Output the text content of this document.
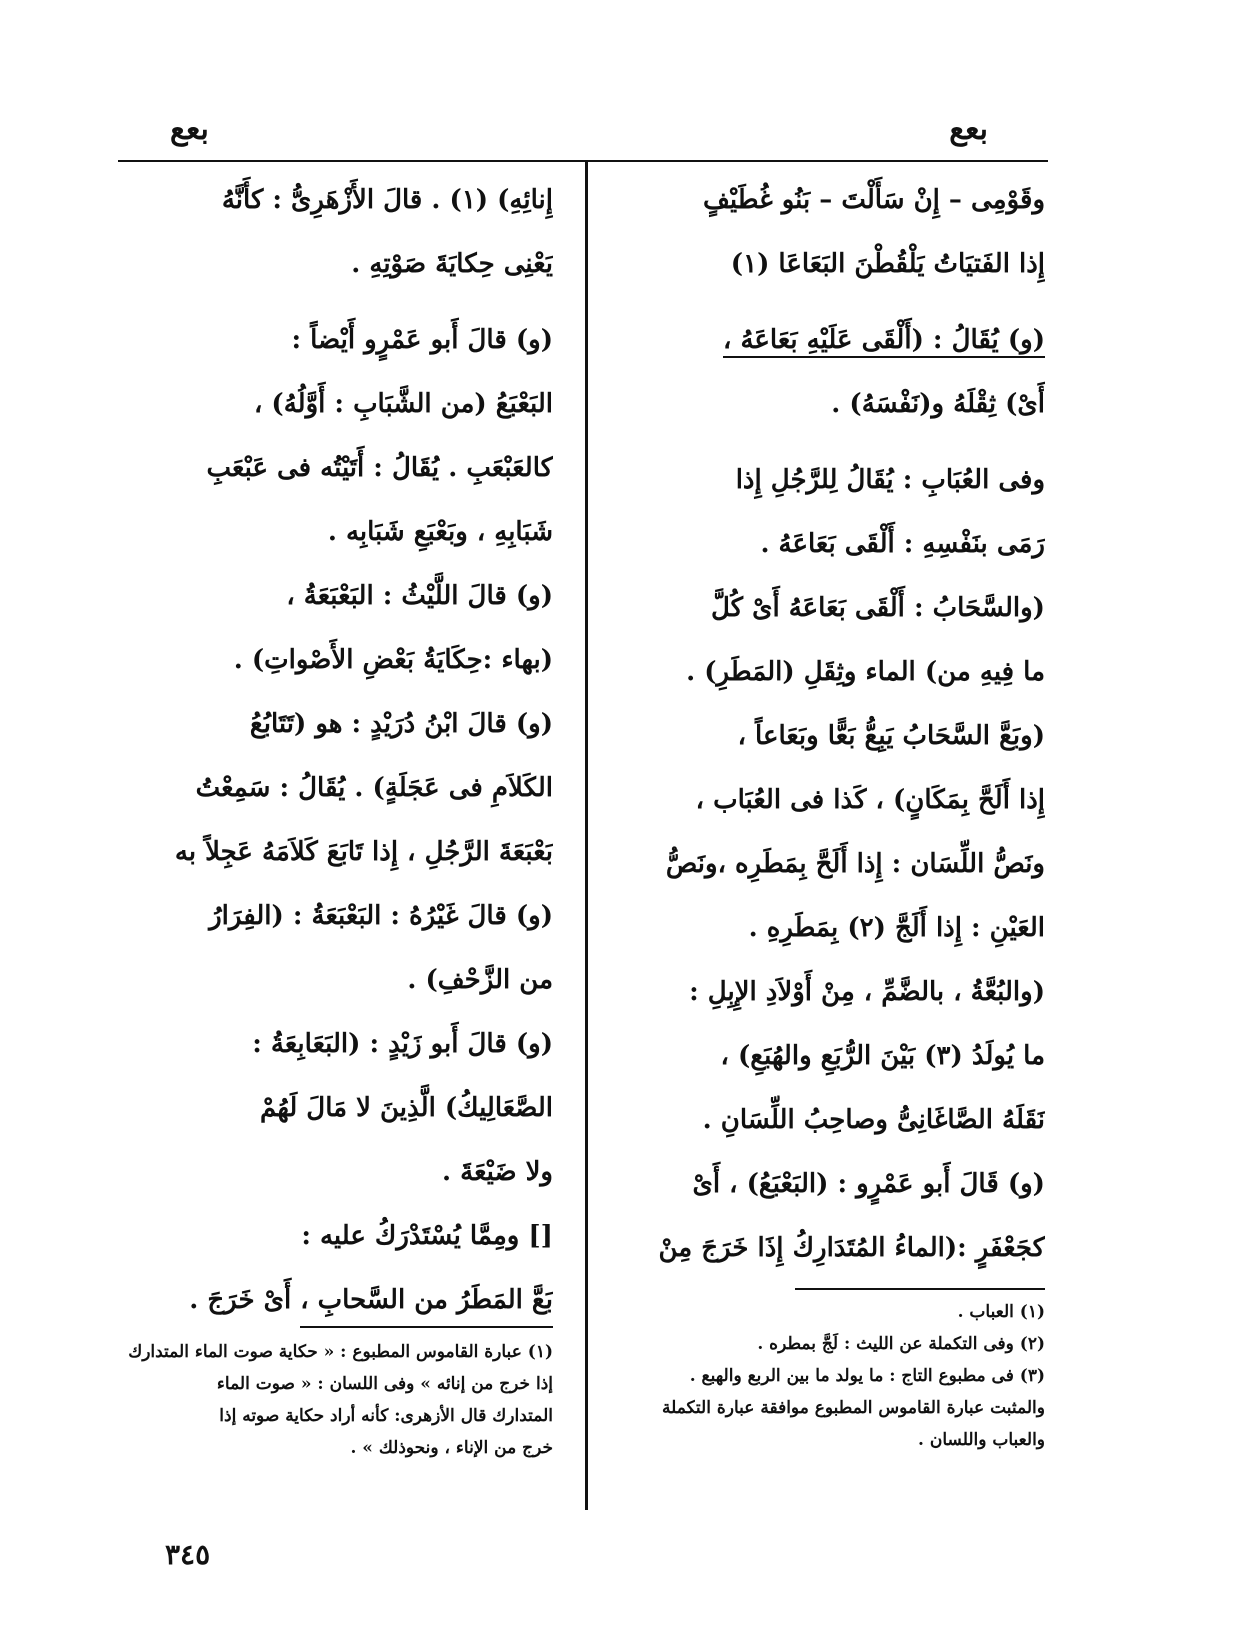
بعع
بعع
وقَوْمِى – إِنْ سَأَلْتَ – بَنُو غُطَيْفٍ
إِذا الفَتيَاتُ يَلْقُطْنَ البَعَاعَا (١)
(و) يُقَالُ : (أَلْقَى عَلَيْهِ بَعَاعَهُ ،
أَىْ) ثِقْلَهُ و(نَفْسَهُ) .
وفى العُبَابِ : يُقَالُ لِلرَّجُلِ إِذا
رَمَى بنَفْسِهِ : أَلْقَى بَعَاعَهُ .
(والسَّحَابُ : أَلْقَى بَعَاعَهُ أَىْ كُلَّ
ما فِيهِ من) الماء وثِقَلِ (المَطَرِ) .
(وبَعَّ السَّحَابُ يَبِعُّ بَعًّا وبَعَاعاً ،
إِذا أَلَحَّ بِمَكَانٍ) ، كَذا فى العُبَاب ،
ونَصُّ اللِّسَان : إِذا أَلَحَّ بِمَطَرِه ،ونَصُّ
العَيْنِ : إِذا أَلَجَّ (٢) بِمَطَرِهِ .
(والبُعَّةُ ، بالضَّمِّ ، مِنْ أَوْلاَدِ الإِبِلِ :
ما يُولَدُ (٣) بَيْنَ الرُّبَعِ والهُبَعِ) ،
نَقَلَهُ الصَّاغَانِىُّ وصاحِبُ اللِّسَانِ .
(و) قَالَ أَبو عَمْرٍو : (البَعْبَعُ) ، أَىْ
كجَعْفَرٍ :(الماءُ المُتَدَارِكُ إِذَا خَرَجَ مِنْ
إِنائِهِ) (١) . قالَ الأَزْهَرِىُّ : كأَنَّهُ
يَعْنِى حِكايَةَ صَوْتِهِ .
(و) قالَ أَبو عَمْرٍو أَيْضاً :
البَعْبَعُ (من الشَّبَابِ : أَوَّلُهُ) ،
كالعَبْعَبِ . يُقَالُ : أَتَيْتُه فى عَبْعَبِ
شَبَابِهِ ، وبَعْبَعِ شَبَابِه .
(و) قالَ اللَّيْثُ : البَعْبَعَةُ ،
(بهاء :حِكَايَةُ بَعْضِ الأَصْواتِ) .
(و) قالَ ابْنُ دُرَيْدٍ : هو (تَتَابُعُ
الكَلاَمِ فى عَجَلَةٍ) . يُقَالُ : سَمِعْتُ
بَعْبَعَةَ الرَّجُلِ ، إِذا تَابَعَ كَلاَمَهُ عَجِلاً به
(و) قالَ غَيْرُهُ : البَعْبَعَةُ : (الفِرَارُ
من الزَّحْفِ) .
(و) قالَ أَبو زَيْدٍ : (البَعَابِعَةُ :
الصَّعَالِيكُ) الَّذِينَ لا مَالَ لَهُمْ
ولا ضَيْعَةَ .
[] ومِمَّا يُسْتَدْرَكُ عليه :
بَعَّ المَطَرُ من السَّحابِ ، أَىْ خَرَجَ .	(١) العباب .
(٢) وفى التكملة عن الليث : لَجَّ بمطره .
(٣) فى مطبوع التاج : ما يولد ما بين الربع والهبع .
والمثبت عبارة القاموس المطبوع موافقة عبارة التكملة
والعباب واللسان .
(١) عبارة القاموس المطبوع : « حكاية صوت الماء المتدارك
إذا خرج من إنائه » وفى اللسان : « صوت الماء
المتدارك قال الأزهرى: كأنه أراد حكاية صوته إذا
خرج من الإناء ، ونحوذلك » .
٣٤٥
